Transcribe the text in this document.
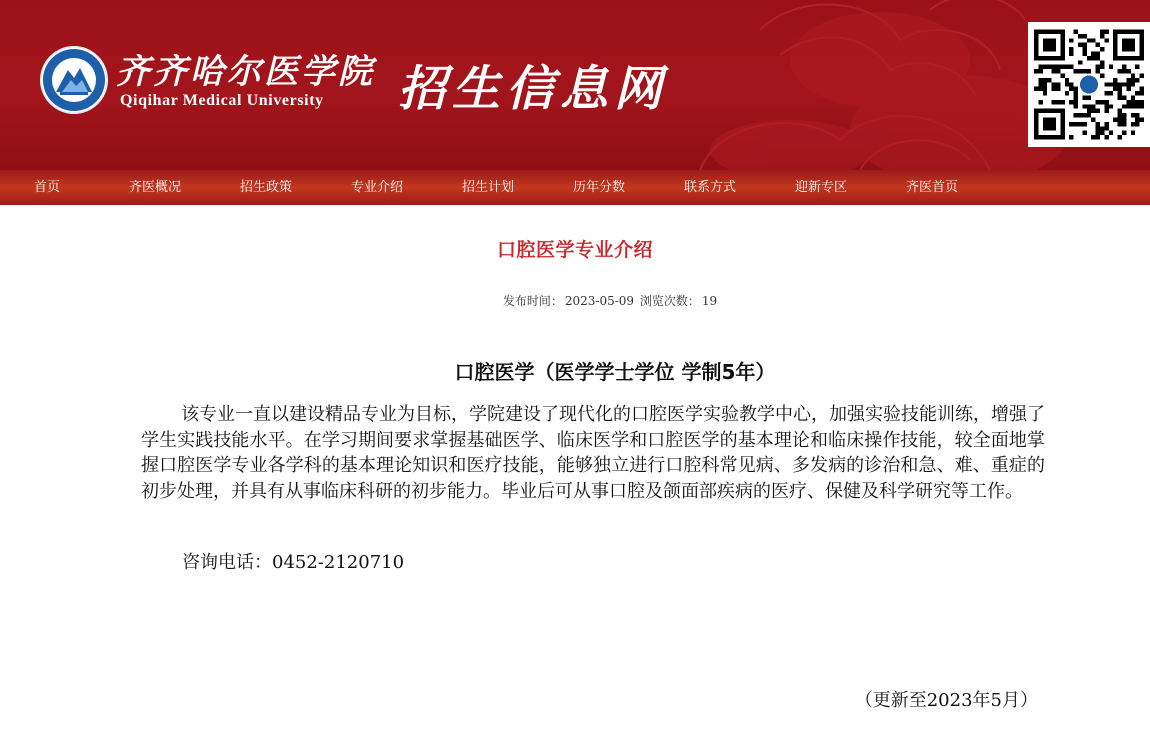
齐齐哈尔医学院
Qiqihar Medical University 招生信息网
首页	齐医概况	招生政策	专业介绍	招生计划	历年分数	联系方式	迎新专区	齐医首页
口腔医学专业介绍
发布时间： 2023-05-09 浏览次数： 19
口腔医学（医学学士学位 学制5年）

该专业一直以建设精品专业为目标，学院建设了现代化的口腔医学实验教学中心，加强实验技能训练，增强了学生实践技能水平。在学习期间要求掌握基础医学、临床医学和口腔医学的基本理论和临床操作技能，较全面地掌握口腔医学专业各学科的基本理论知识和医疗技能，能够独立进行口腔科常见病、多发病的诊治和急、难、重症的初步处理，并具有从事临床科研的初步能力。毕业后可从事口腔及颌面部疾病的医疗、保健及科学研究等工作。

咨询电话：0452-2120710

（更新至2023年5月）
